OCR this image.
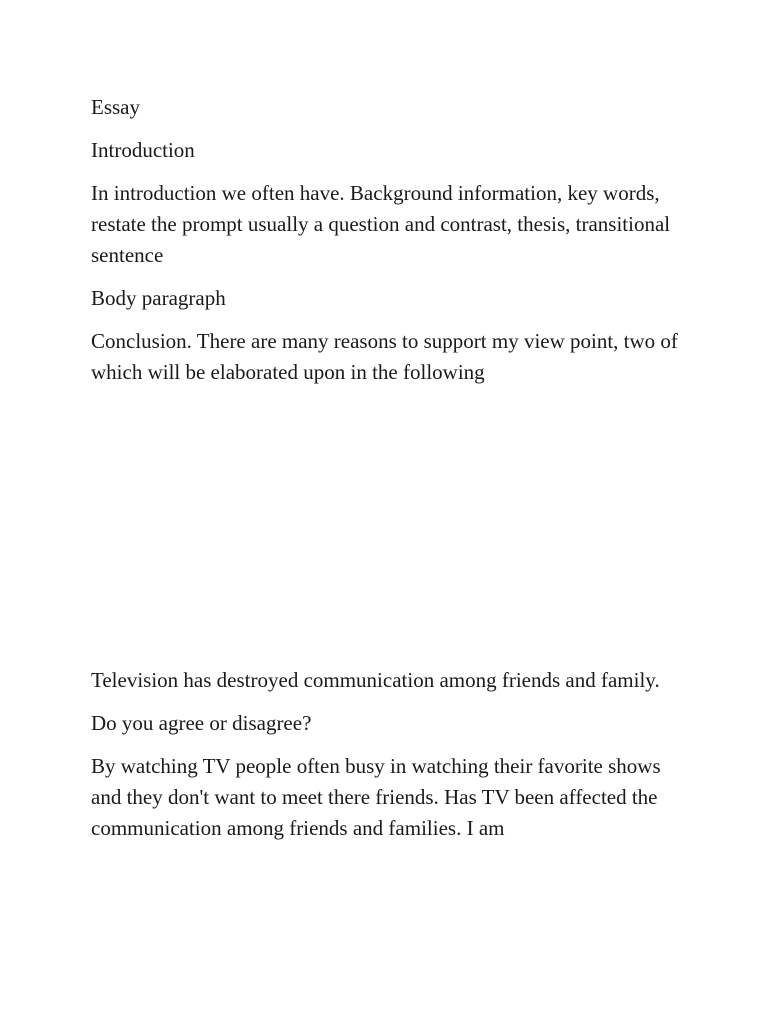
Essay

Introduction

In introduction we often have. Background information, key words, restate the prompt usually a question and contrast, thesis, transitional sentence

Body paragraph

Conclusion. There are many reasons to support my view point, two of which will be elaborated upon in the following

Television has destroyed communication among friends and family.

Do you agree or disagree?

By watching TV people often busy in watching their favorite shows and they don't want to meet there friends. Has TV been affected the communication among friends and families. I am
